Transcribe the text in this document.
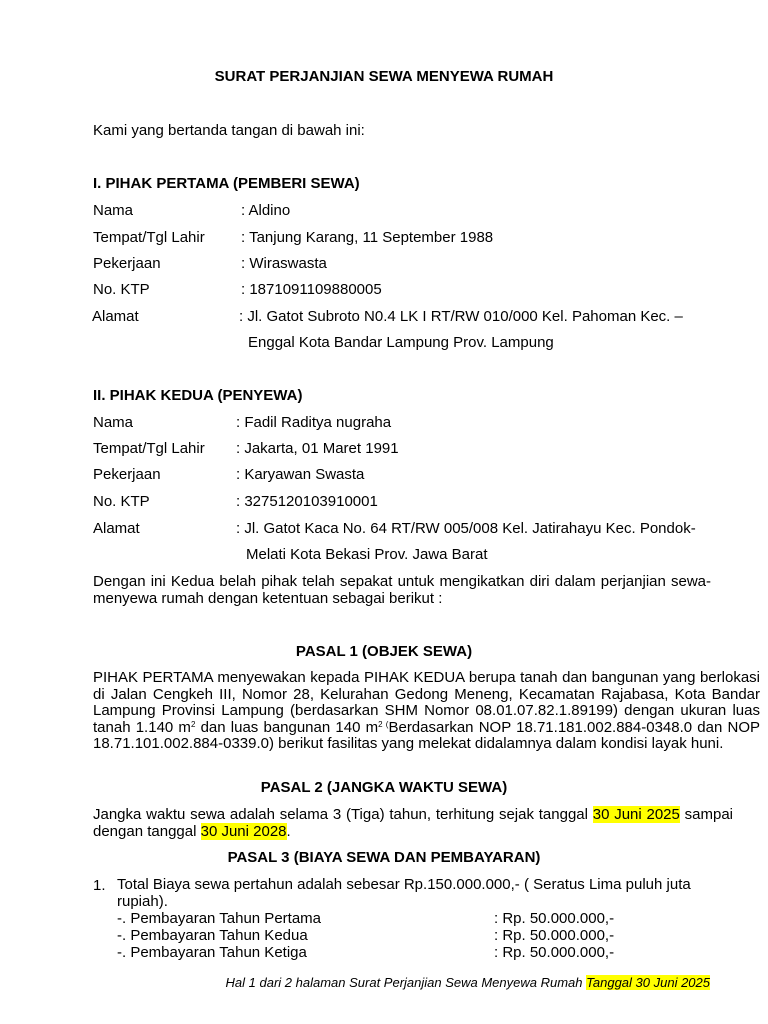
SURAT PERJANJIAN SEWA MENYEWA RUMAH

Kami yang bertanda tangan di bawah ini:

I. PIHAK PERTAMA (PEMBERI SEWA)

Nama	: Aldino

Tempat/Tgl Lahir : Tanjung Karang, 11 September 1988

Pekerjaan	: Wiraswasta

No. KTP	: 1871091109880005

Alamat	: Jl. Gatot Subroto N0.4 LK I RT/RW 010/000 Kel. Pahoman Kec. –

Enggal Kota Bandar Lampung Prov. Lampung

II. PIHAK KEDUA (PENYEWA)

Nama	: Fadil Raditya nugraha

Tempat/Tgl Lahir : Jakarta, 01 Maret 1991

Pekerjaan	: Karyawan Swasta

No. KTP	: 3275120103910001

Alamat	: Jl. Gatot Kaca No. 64 RT/RW 005/008 Kel. Jatirahayu Kec. Pondok-

Melati Kota Bekasi Prov. Jawa Barat

Dengan ini Kedua belah pihak telah sepakat untuk mengikatkan diri dalam perjanjian sewa-menyewa rumah dengan ketentuan sebagai berikut :

PASAL 1 (OBJEK SEWA)

PIHAK PERTAMA menyewakan kepada PIHAK KEDUA berupa tanah dan bangunan yang berlokasi di Jalan Cengkeh III, Nomor 28, Kelurahan Gedong Meneng, Kecamatan Rajabasa, Kota Bandar Lampung Provinsi Lampung (berdasarkan SHM Nomor 08.01.07.82.1.89199) dengan ukuran luas tanah 1.140 $m^2$ dan luas bangunan 140 $m^2$ (Berdasarkan NOP 18.71.181.002.884-0348.0 dan NOP 18.71.101.002.884-0339.0) berikut fasilitas yang melekat didalamnya dalam kondisi layak huni.

PASAL 2 (JANGKA WAKTU SEWA)

Jangka waktu sewa adalah selama 3 (Tiga) tahun, terhitung sejak tanggal 30 Juni 2025 sampai dengan tanggal 30 Juni 2028.

PASAL 3 (BIAYA SEWA DAN PEMBAYARAN)

1. Total Biaya sewa pertahun adalah sebesar Rp.150.000.000,- ( Seratus Lima puluh juta rupiah).

-. Pembayaran Tahun Pertama	: Rp. 50.000.000,-

-. Pembayaran Tahun Kedua	: Rp. 50.000.000,-

-. Pembayaran Tahun Ketiga	: Rp. 50.000.000,-

Hal 1 dari 2 halaman Surat Perjanjian Sewa Menyewa Rumah Tanggal 30 Juni 2025
